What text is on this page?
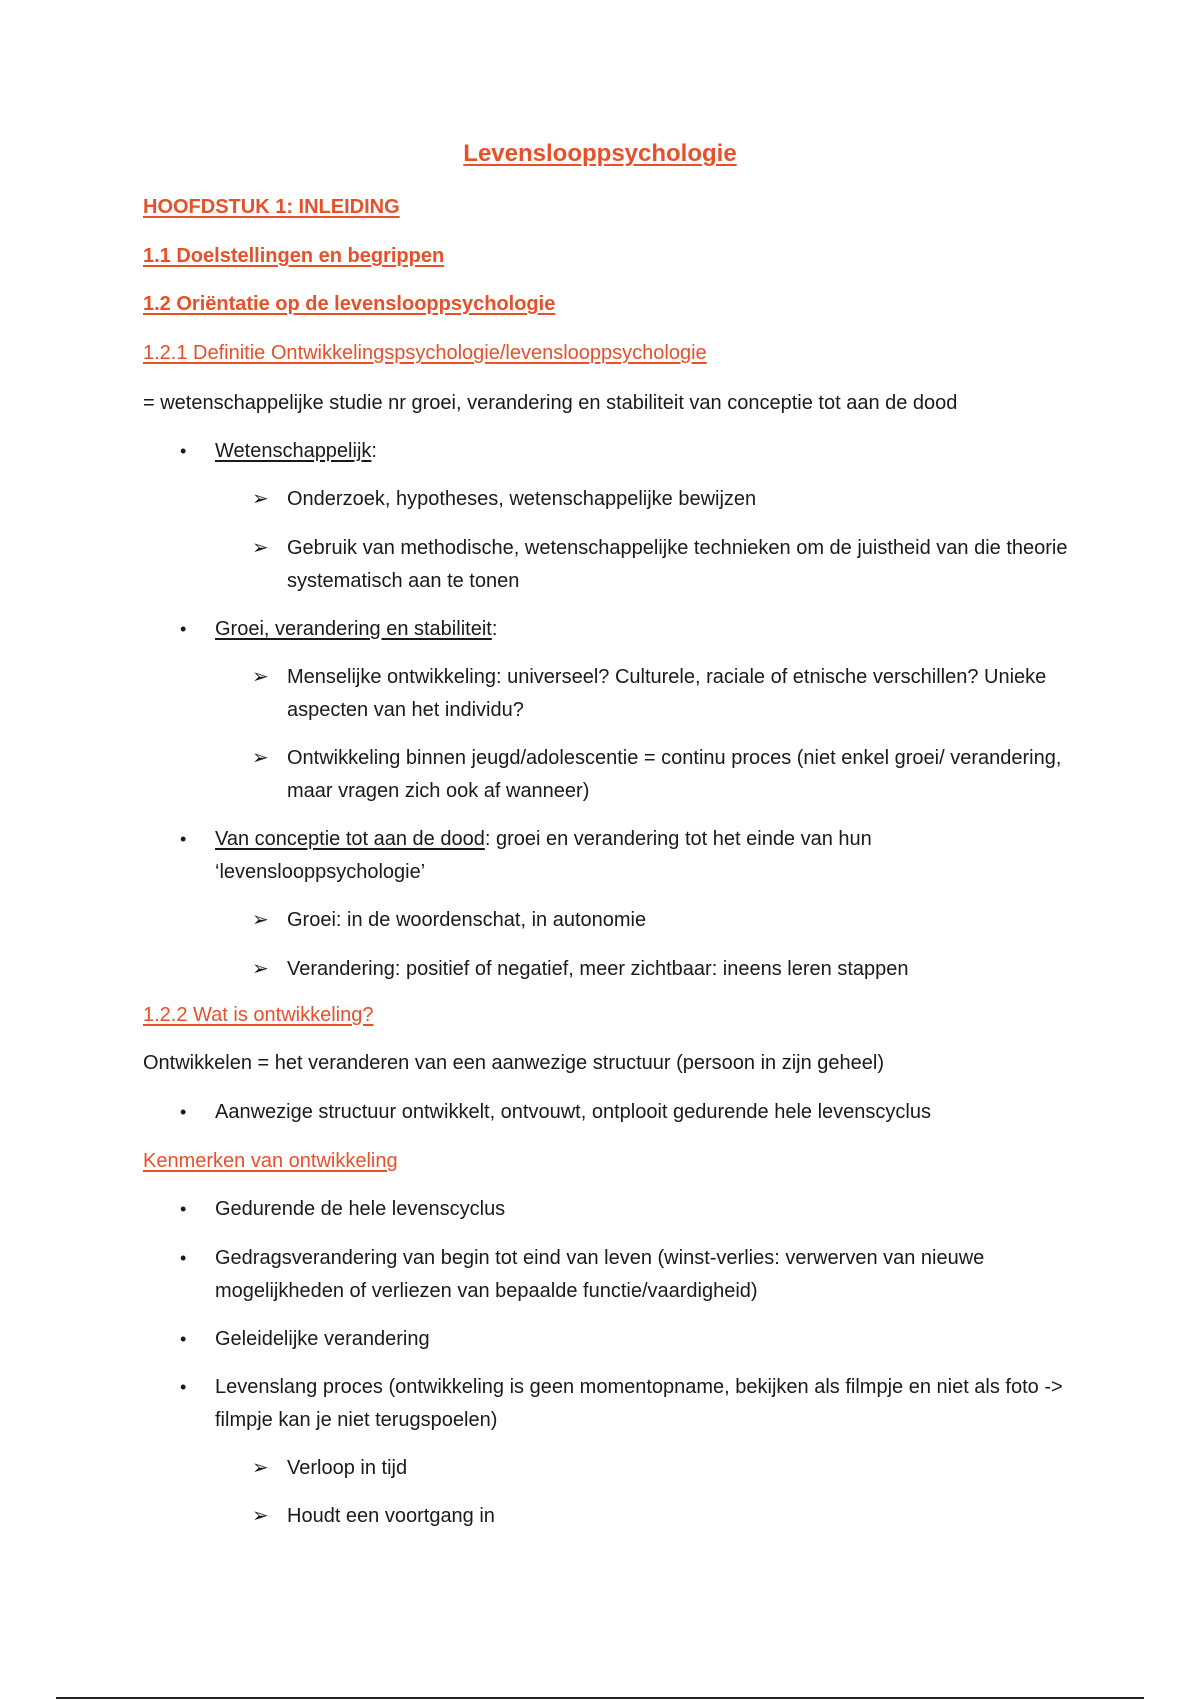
Levenslooppsychologie

HOOFDSTUK 1: INLEIDING

1.1 Doelstellingen en begrippen

1.2 Oriëntatie op de levenslooppsychologie

1.2.1 Definitie Ontwikkelingspsychologie/levenslooppsychologie

= wetenschappelijke studie nr groei, verandering en stabiliteit van conceptie tot aan de dood

• Wetenschappelijk:

➢ Onderzoek, hypotheses, wetenschappelijke bewijzen

➢ Gebruik van methodische, wetenschappelijke technieken om de juistheid van die theorie systematisch aan te tonen

• Groei, verandering en stabiliteit:

➢ Menselijke ontwikkeling: universeel? Culturele, raciale of etnische verschillen? Unieke aspecten van het individu?

➢ Ontwikkeling binnen jeugd/adolescentie = continu proces (niet enkel groei/ verandering, maar vragen zich ook af wanneer)

• Van conceptie tot aan de dood: groei en verandering tot het einde van hun ‘levenslooppsychologie’

➢ Groei: in de woordenschat, in autonomie

➢ Verandering: positief of negatief, meer zichtbaar: ineens leren stappen

1.2.2 Wat is ontwikkeling?

Ontwikkelen = het veranderen van een aanwezige structuur (persoon in zijn geheel)

• Aanwezige structuur ontwikkelt, ontvouwt, ontplooit gedurende hele levenscyclus

Kenmerken van ontwikkeling

• Gedurende de hele levenscyclus

• Gedragsverandering van begin tot eind van leven (winst-verlies: verwerven van nieuwe mogelijkheden of verliezen van bepaalde functie/vaardigheid)

• Geleidelijke verandering

• Levenslang proces (ontwikkeling is geen momentopname, bekijken als filmpje en niet als foto -> filmpje kan je niet terugspoelen)

➢ Verloop in tijd

➢ Houdt een voortgang in
